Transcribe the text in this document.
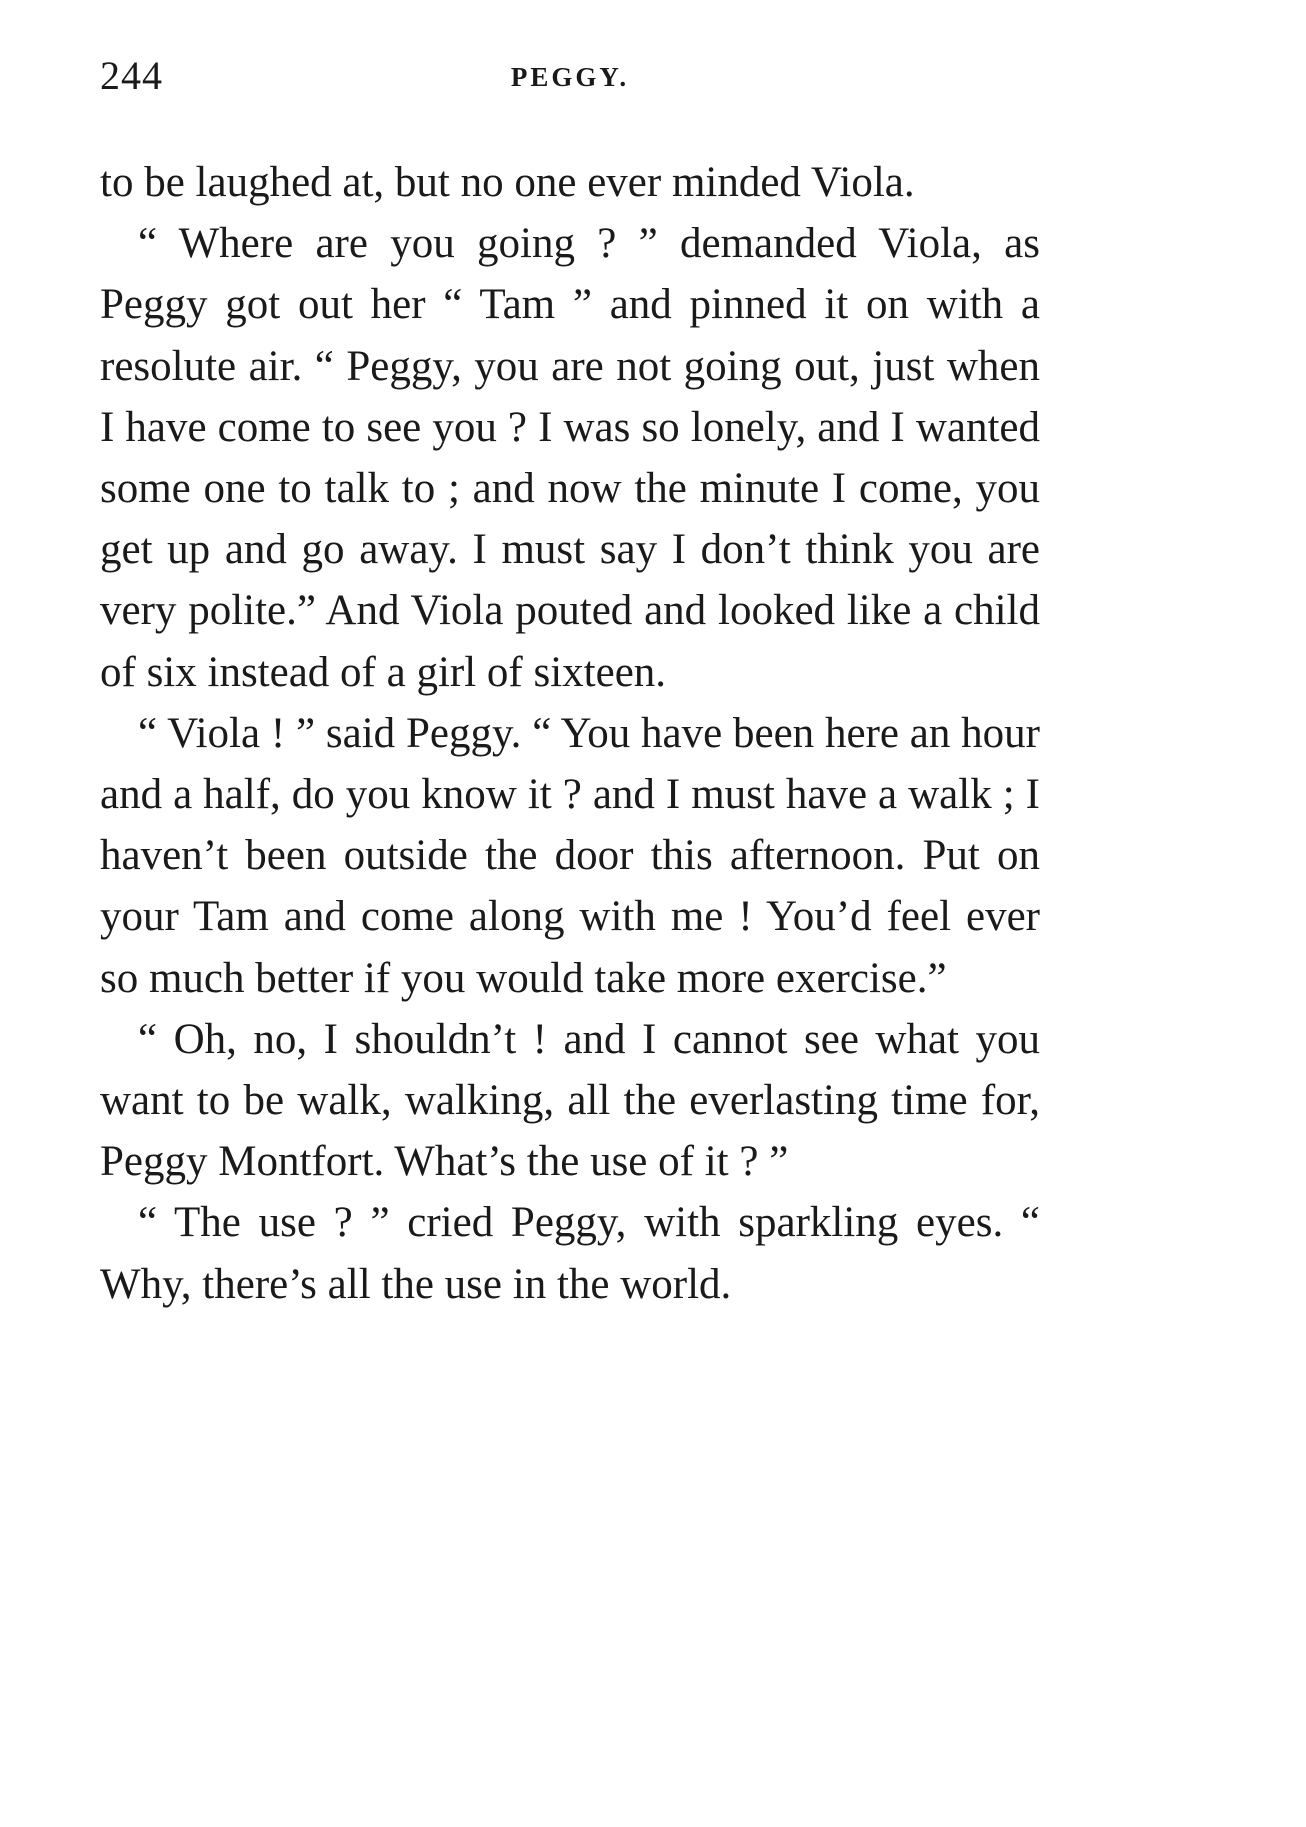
244	PEGGY.

to be laughed at, but no one ever minded Viola.

“ Where are you going ? ” demanded Viola, as Peggy got out her “ Tam ” and pinned it on with a resolute air. “ Peggy, you are not going out, just when I have come to see you ? I was so lonely, and I wanted some one to talk to ; and now the minute I come, you get up and go away. I must say I don’t think you are very polite.” And Viola pouted and looked like a child of six instead of a girl of sixteen.

“ Viola ! ” said Peggy. “ You have been here an hour and a half, do you know it ? and I must have a walk ; I haven’t been outside the door this afternoon. Put on your Tam and come along with me ! You’d feel ever so much better if you would take more exercise.”

“ Oh, no, I shouldn’t ! and I cannot see what you want to be walk, walking, all the everlasting time for, Peggy Montfort. What’s the use of it ? ”

“ The use ? ” cried Peggy, with sparkling eyes. “ Why, there’s all the use in the world.
